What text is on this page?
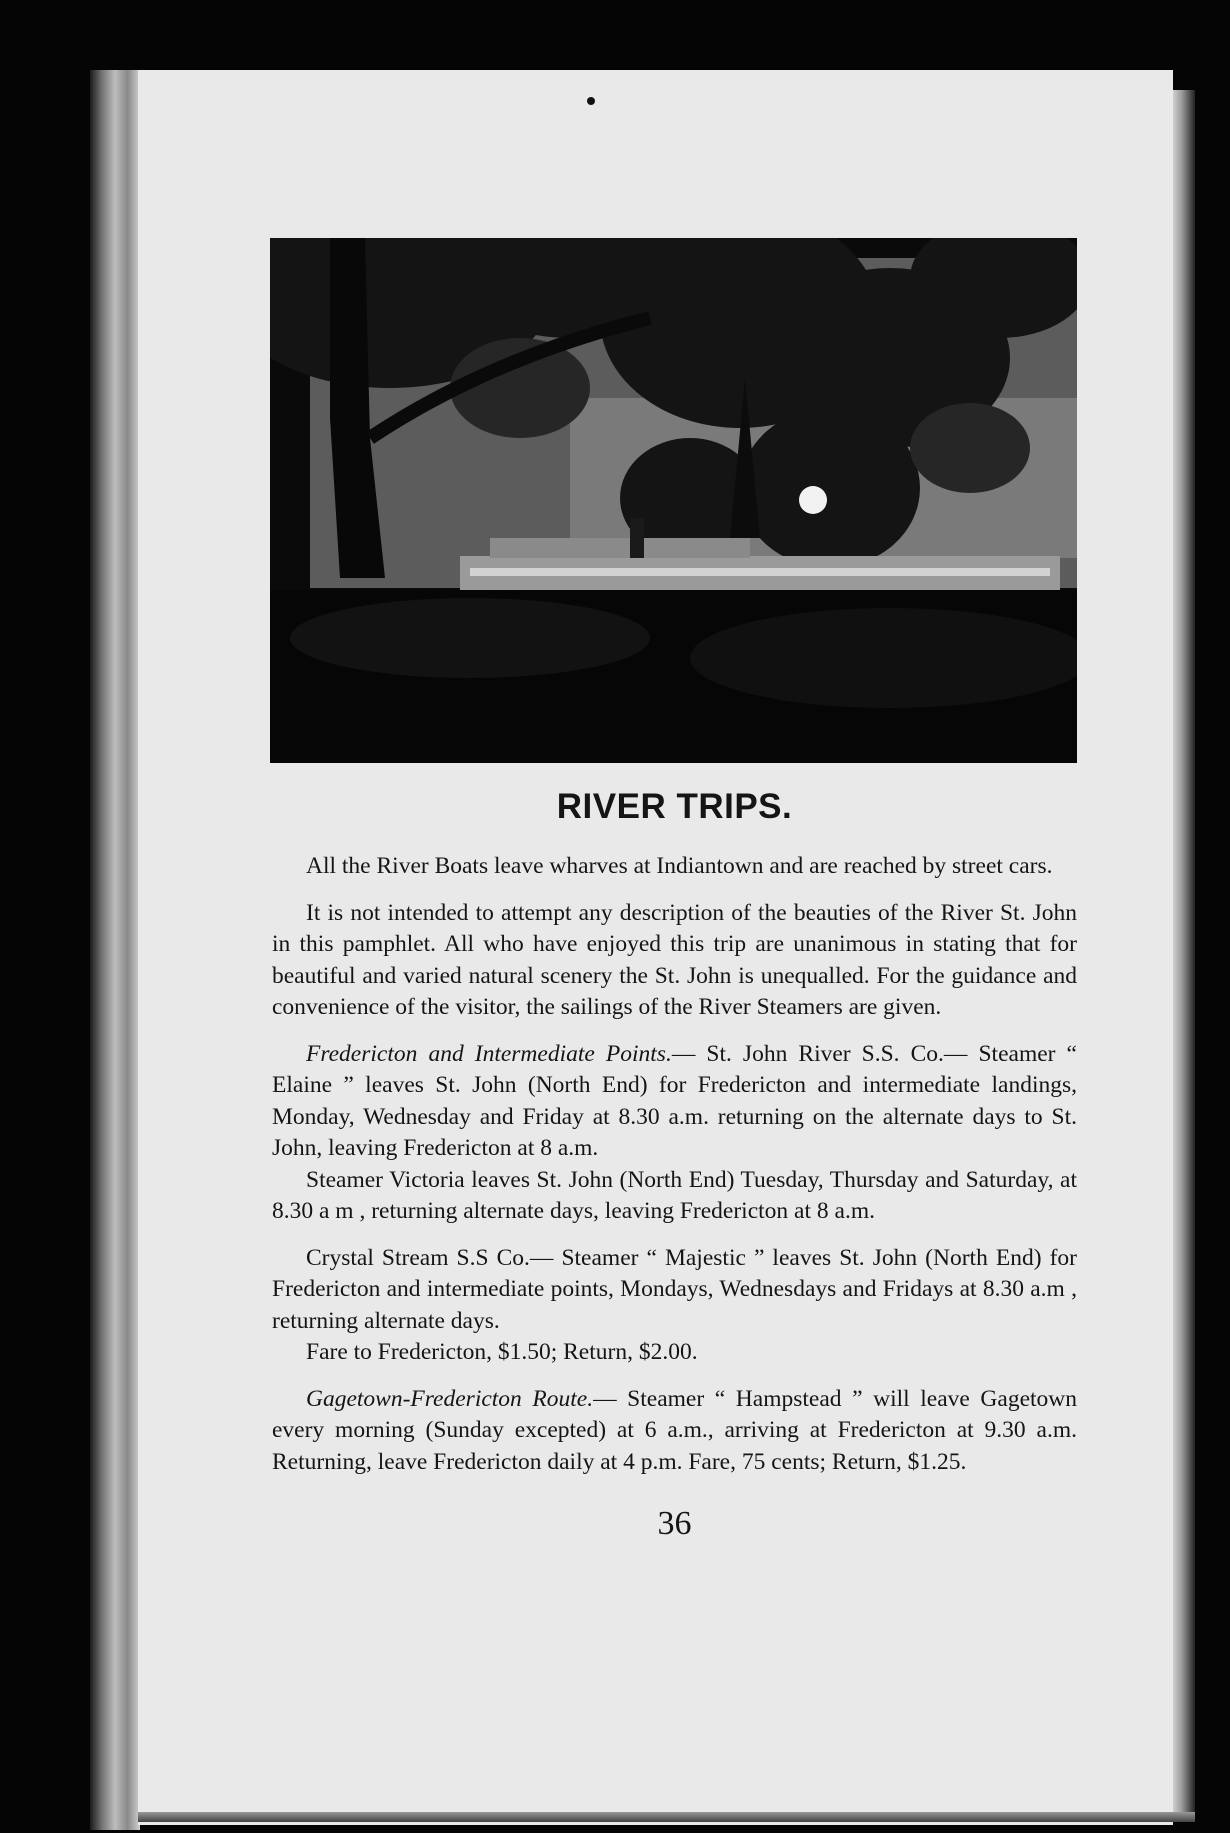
RIVER TRIPS.

All the River Boats leave wharves at Indiantown and are reached by street cars.

It is not intended to attempt any description of the beauties of the River St. John in this pamphlet. All who have enjoyed this trip are unanimous in stating that for beautiful and varied natural scenery the St. John is unequalled. For the guidance and convenience of the visitor, the sailings of the River Steamers are given.

Fredericton and Intermediate Points.— St. John River S.S. Co.— Steamer “ Elaine ” leaves St. John (North End) for Fredericton and intermediate landings, Monday, Wednesday and Friday at 8.30 a.m. returning on the alternate days to St. John, leaving Fredericton at 8 a.m.

Steamer Victoria leaves St. John (North End) Tuesday, Thursday and Saturday, at 8.30 a m , returning alternate days, leaving Fredericton at 8 a.m.

Crystal Stream S.S Co.— Steamer “ Majestic ” leaves St. John (North End) for Fredericton and intermediate points, Mondays, Wednesdays and Fridays at 8.30 a.m , returning alternate days.

Fare to Fredericton, $1.50; Return, $2.00.

Gagetown-Fredericton Route.— Steamer “ Hampstead ” will leave Gagetown every morning (Sunday excepted) at 6 a.m., arriving at Fredericton at 9.30 a.m. Returning, leave Fredericton daily at 4 p.m. Fare, 75 cents; Return, $1.25.

36
